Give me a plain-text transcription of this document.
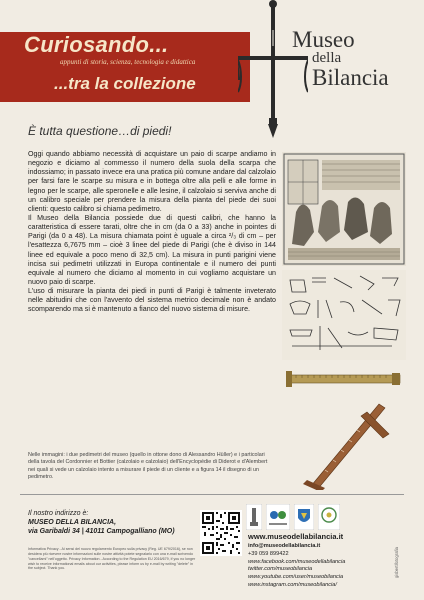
Curiosando...
appunti di storia, scienza, tecnologia e didattica
...tra la collezione
Museo
della
Bilancia
È tutta questione…di piedi!

Oggi quando abbiamo necessità di acquistare un paio di scarpe andiamo in negozio e diciamo al commesso il numero della suola della scarpa che indossiamo; in passato invece era una pratica più comune andare dal calzolaio per farsi fare le scarpe su misura e in bottega oltre alla pelli e alle forme in legno per le scarpe, alle speronelle e alle lesine, il calzolaio si serviva anche di un calibro speciale per prendere la misura della pianta del piede dei suoi clienti: questo calibro si chiama pedimetro.

Il Museo della Bilancia possiede due di questi calibri, che hanno la caratteristica di essere tarati, oltre che in cm (da 0 a 33) anche in pointes di Parigi (da 0 a 48). La misura chiamata point è uguale a circa ²/₃ di cm – per l'esattezza 6,7675 mm – cioè 3 linee del piede di Parigi (che è diviso in 144 linee ed equivale a poco meno di 32,5 cm). La misura in punti parigini viene incisa sui pedimetri utilizzati in Europa continentale e il numero dei punti equivale al numero che diciamo al momento in cui vogliamo acquistare un nuovo paio di scarpe.

L'uso di misurare la pianta dei piedi in punti di Parigi è talmente inveterato nelle abitudini che con l'avvento del sistema metrico decimale non è andato scomparendo ma si è mantenuto a fianco del nuovo sistema di misure.

Nelle immagini: i due pedimetri del museo (quello in ottone dono di Alessandro Hüller) e i particolari della tavola del Cordonnier et Bottier (calzolaio e calzolaio) dell'Encyclopédie di Diderot e d'Alembert nei quali si vede un calzolaio intento a misurare il piede di un cliente e a figura 14 il disegno di un pedimetro.
Il nostro indirizzo è:
MUSEO DELLA BILANCIA,
via Garibaldi 34 | 41011 Campogalliano (MO)
Informativa Privacy - Ai sensi del nuovo regolamento Europeo sulla privacy (Reg. UE 679/2016), se non desidera più ricevere nostre informazioni sulle nostre attività potete segnalarlo con una e-mail scrivendo "cancellami" nell'oggetto. Privacy Information - According to the Regulation EU 2016/679, if you no longer wish to receive informational emails about our activities, please inform us by e-mail by writing "delete" in the subject. Thank you.
www.museodellabilancia.it
info@museodellabilancia.it
+39 059 899422
www.facebook.com/museodellabilancia
twitter.com/museobilancia
www.youtube.com/user/museobilancia
www.instagram.com/museobilancia/
gisbertifotografia
